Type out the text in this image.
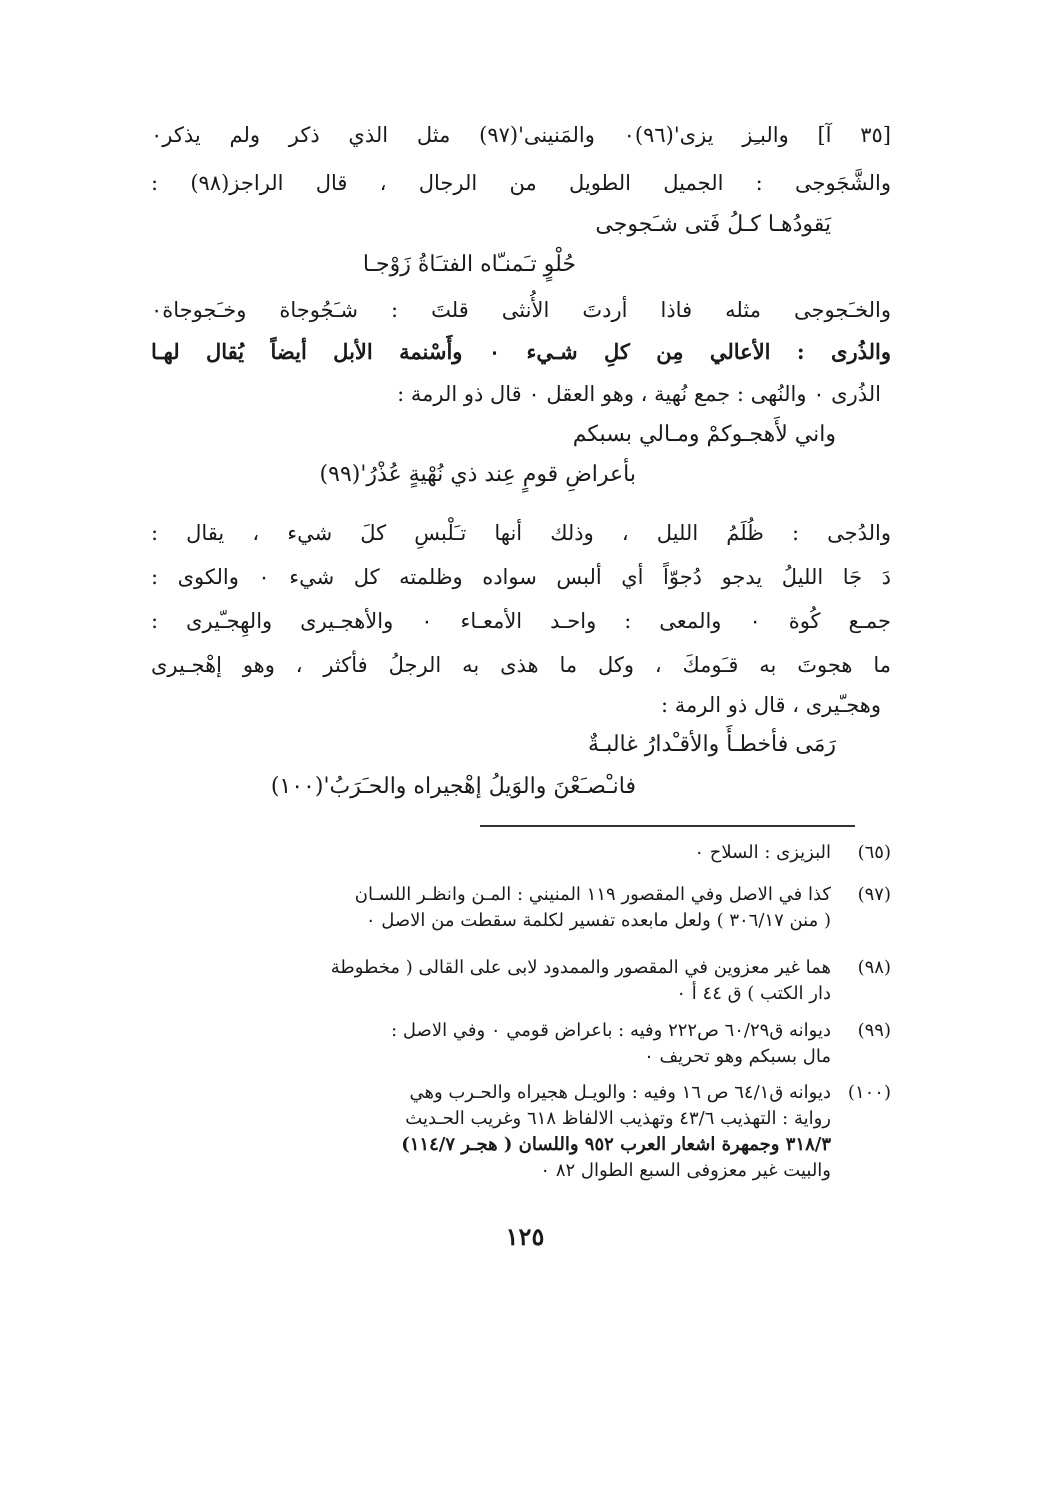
[٣٥ آ] والبـِز يزى'(٩٦)٠ والمَنينى'(٩٧) مثل الذي ذكر ولم يذكر٠
والشَّجَوجى : الجميل الطويل من الرجال ، قال الراجز(٩٨) :
يَقودُهـا كـلُ فَتى شـَجوجى
حُلْوٍ تـَمنـّاه الفتـَاةُ زَوْجـا
والخـَجوجى مثله فاذا أردتَ الأُنثى قلتَ : شـَجُوجاة وخـَجوجاة٠
والذُرى : الأعالي مِن كلِ شـيء ٠ وأَسْنمة الأبل أيضاً يُقال لهـا
الذُرى ٠ والنُهى : جمع نُهية ، وهو العقل ٠ قال ذو الرمة :
واني لأَهجـوكمْ ومـالي بسبكم
بأعراضِ قومٍ عِند ذي نُهْيةٍ عُذْرُ'(٩٩)
والدُجى : ظُلَمُ الليل ، وذلك أنها تـَلْبسِ كلَ شيء ، يقال :
دَ جَا الليلُ يدجو دُجوّاً أي ألبس سواده وظلمته كل شيء ٠ والكوى :
جمـع كُوة ٠ والمعى : واحـد الأمعـاء ٠ والأهجـيرى والهِجـّيرى :
ما هجوتَ به قـَومكَ ، وكل ما هذى به الرجلُ فأكثر ، وهو إهْجـيرى
وهجـّيرى ، قال ذو الرمة :
رَمَى فأخطـأَ والأقـْدارُ غالبـةٌ
فانـْصـَعْنَ والوَيلُ إهْجيراه والحـَرَبُ'(١٠٠)
(٦٥)
البزيزى : السلاح ٠
(٩٧)
كذا في الاصل وفي المقصور ١١٩ المنيني : المـن وانظـر اللسـان
( منن ٣٠٦/١٧ ) ولعل مابعده تفسير لكلمة سقطت من الاصل ٠
(٩٨)
هما غير معزوين في المقصور والممدود لابى على القالى ( مخطوطة
دار الكتب ) ق ٤٤ أ ٠
(٩٩)
ديوانه ق٦٠/٢٩ ص٢٢٢ وفيه : باعراض قومي ٠ وفي الاصل :
مال بسبكم وهو تحريف ٠
(١٠٠)
ديوانه ق٦٤/١ ص ١٦ وفيه : والويـل هجيراه والحـرب وهي
رواية : التهذيب ٤٣/٦ وتهذيب الالفاظ ٦١٨ وغريب الحـديث
٣١٨/٣ وجمهرة اشعار العرب ٩٥٢ واللسان ( هجـر ١١٤/٧)
والبيت غير معزوفى السبع الطوال ٨٢ ٠
١٢٥
